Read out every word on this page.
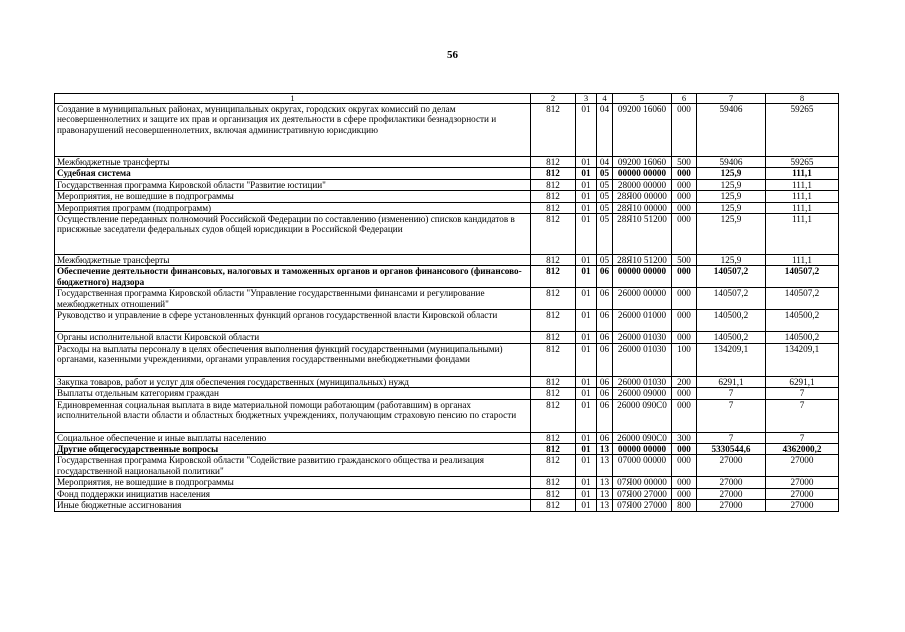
56
1	2	3	4	5	6	7	8
Создание в муниципальных районах, муниципальных округах, городских округах комиссий по делам несовершеннолетних и защите их прав и организация их деятельности в сфере профилактики безнадзорности и правонарушений несовершеннолетних, включая административную юрисдикцию	812	01	04	09200 16060	000	59406	59265
Межбюджетные трансферты	812	01	04	09200 16060	500	59406	59265
Судебная система	812	01	05	00000 00000	000	125,9	111,1
Государственная программа Кировской области "Развитие юстиции"	812	01	05	28000 00000	000	125,9	111,1
Мероприятия, не вошедшие в подпрограммы	812	01	05	28Я00 00000	000	125,9	111,1
Мероприятия программ (подпрограмм)	812	01	05	28Я10 00000	000	125,9	111,1
Осуществление переданных полномочий Российской Федерации по составлению (изменению) списков кандидатов в присяжные заседатели федеральных судов общей юрисдикции в Российской Федерации	812	01	05	28Я10 51200	000	125,9	111,1
Межбюджетные трансферты	812	01	05	28Я10 51200	500	125,9	111,1
Обеспечение деятельности финансовых, налоговых и таможенных органов и органов финансового (финансово-бюджетного) надзора	812	01	06	00000 00000	000	140507,2	140507,2
Государственная программа Кировской области "Управление государственными финансами и регулирование межбюджетных отношений"	812	01	06	26000 00000	000	140507,2	140507,2
Руководство и управление в сфере установленных функций органов государственной власти Кировской области	812	01	06	26000 01000	000	140500,2	140500,2
Органы исполнительной власти Кировской области	812	01	06	26000 01030	000	140500,2	140500,2
Расходы на выплаты персоналу в целях обеспечения выполнения функций государственными (муниципальными) органами, казенными учреждениями, органами управления государственными внебюджетными фондами	812	01	06	26000 01030	100	134209,1	134209,1
Закупка товаров, работ и услуг для обеспечения государственных (муниципальных) нужд	812	01	06	26000 01030	200	6291,1	6291,1
Выплаты отдельным категориям граждан	812	01	06	26000 09000	000	7	7
Единовременная социальная выплата в виде материальной помощи работающим (работавшим) в органах исполнительной власти области и областных бюджетных учреждениях, получающим страховую пенсию по старости	812	01	06	26000 090С0	000	7	7
Социальное обеспечение и иные выплаты населению	812	01	06	26000 090С0	300	7	7
Другие общегосударственные вопросы	812	01	13	00000 00000	000	5330544,6	4362000,2
Государственная программа Кировской области "Содействие развитию гражданского общества и реализация государственной национальной политики"	812	01	13	07000 00000	000	27000	27000
Мероприятия, не вошедшие в подпрограммы	812	01	13	07Я00 00000	000	27000	27000
Фонд поддержки инициатив населения	812	01	13	07Я00 27000	000	27000	27000
Иные бюджетные ассигнования	812	01	13	07Я00 27000	800	27000	27000
